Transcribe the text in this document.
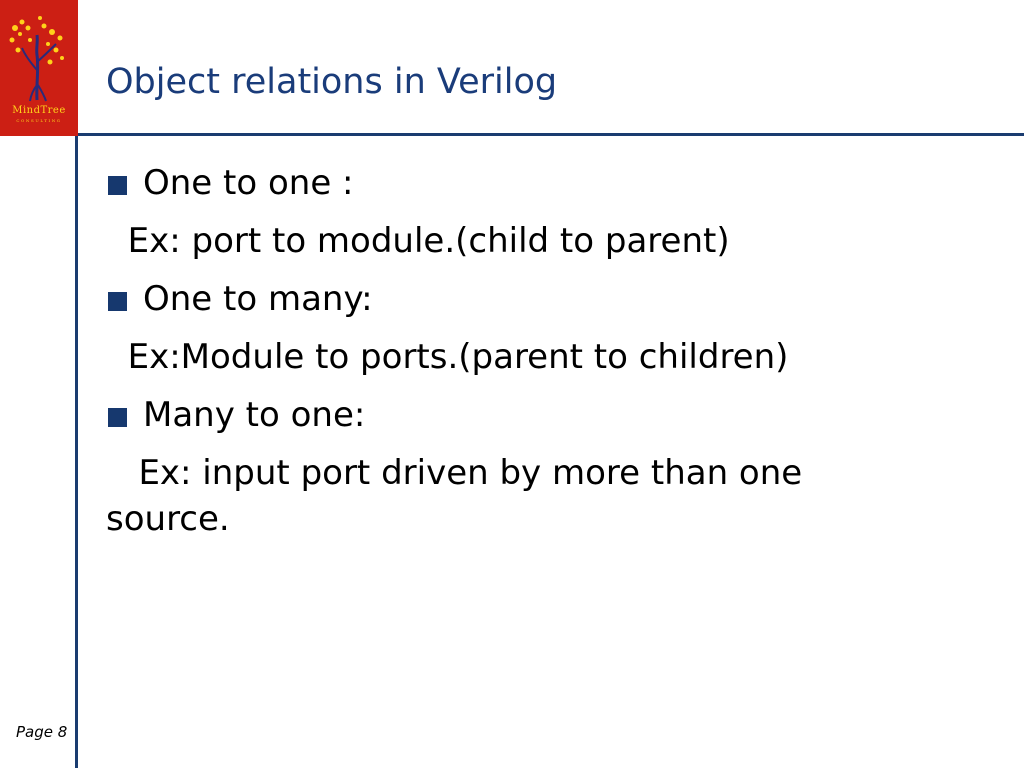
MindTree
CONSULTING
Object relations in Verilog
One to one :
Ex: port to module.(child to parent)
One to many:
Ex:Module to ports.(parent to children)
Many to one:
Ex: input port driven by more than one source.
Page 8
